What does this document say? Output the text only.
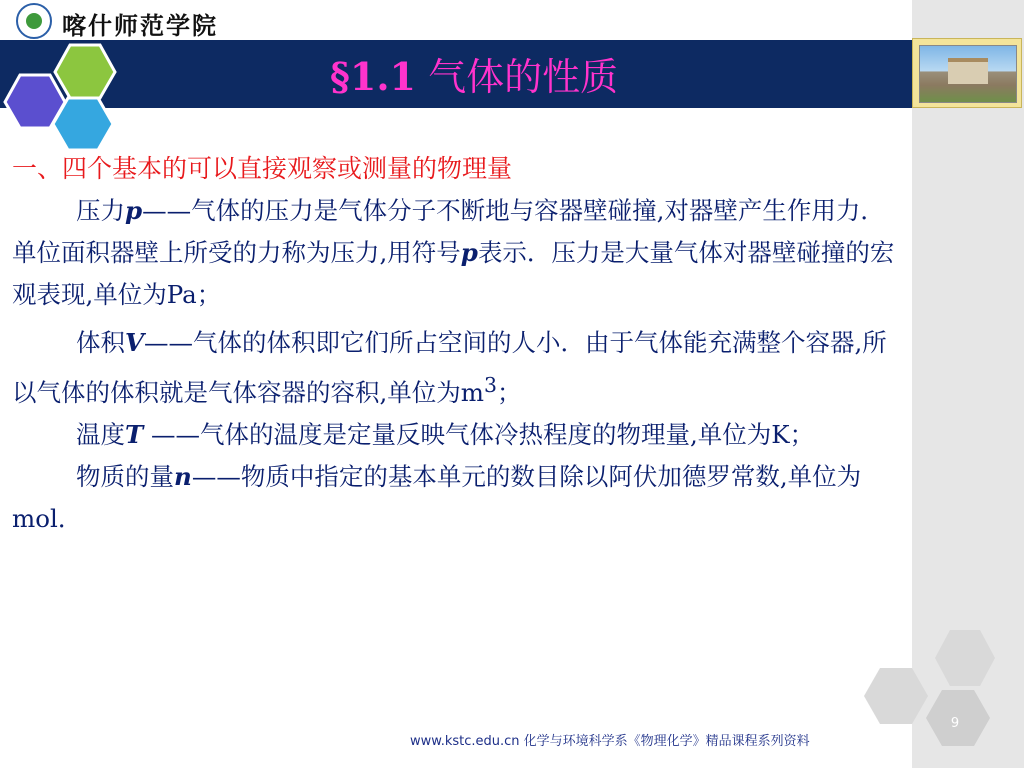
喀什师范学院
§1.1 气体的性质

一、四个基本的可以直接观察或测量的物理量

压力p——气体的压力是气体分子不断地与容器壁碰撞,对器壁产生作用力．单位面积器壁上所受的力称为压力,用符号p表示．压力是大量气体对器壁碰撞的宏观表现,单位为Pa；

体积V——气体的体积即它们所占空间的人小．由于气体能充满整个容器,所以气体的体积就是气体容器的容积,单位为$m^3$；

温度T ——气体的温度是定量反映气体冷热程度的物理量,单位为K；

物质的量n——物质中指定的基本单元的数目除以阿伏加德罗常数,单位为mol．

9
www.kstc.edu.cn 化学与环境科学系《物理化学》精品课程系列资料
